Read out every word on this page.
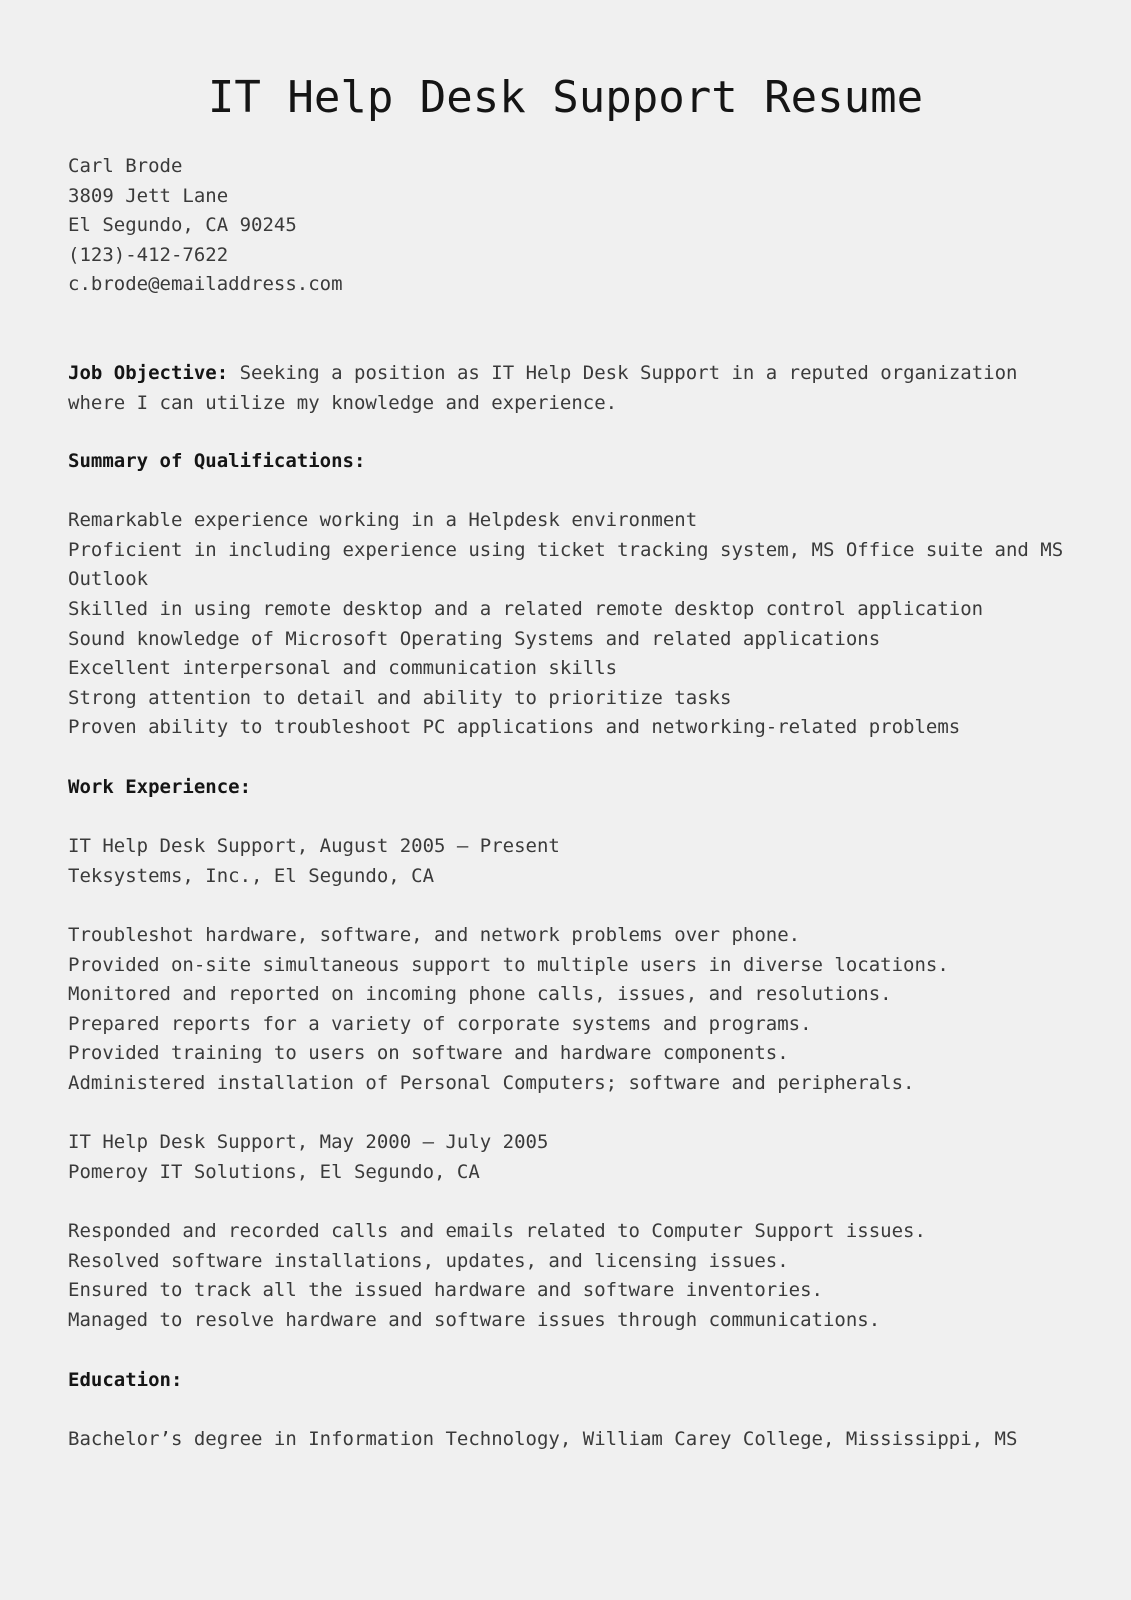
IT Help Desk Support Resume
Carl Brode
3809 Jett Lane
El Segundo, CA 90245
(123)-412-7622
c.brode@emailaddress.com
Job Objective: Seeking a position as IT Help Desk Support in a reputed organization where I can utilize my knowledge and experience.
Summary of Qualifications:
Remarkable experience working in a Helpdesk environment
Proficient in including experience using ticket tracking system, MS Office suite and MS Outlook
Skilled in using remote desktop and a related remote desktop control application
Sound knowledge of Microsoft Operating Systems and related applications
Excellent interpersonal and communication skills
Strong attention to detail and ability to prioritize tasks
Proven ability to troubleshoot PC applications and networking-related problems
Work Experience:
IT Help Desk Support, August 2005 – Present
Teksystems, Inc., El Segundo, CA
Troubleshot hardware, software, and network problems over phone.
Provided on-site simultaneous support to multiple users in diverse locations.
Monitored and reported on incoming phone calls, issues, and resolutions.
Prepared reports for a variety of corporate systems and programs.
Provided training to users on software and hardware components.
Administered installation of Personal Computers; software and peripherals.
IT Help Desk Support, May 2000 – July 2005
Pomeroy IT Solutions, El Segundo, CA
Responded and recorded calls and emails related to Computer Support issues.
Resolved software installations, updates, and licensing issues.
Ensured to track all the issued hardware and software inventories.
Managed to resolve hardware and software issues through communications.
Education:
Bachelor’s degree in Information Technology, William Carey College, Mississippi, MS
